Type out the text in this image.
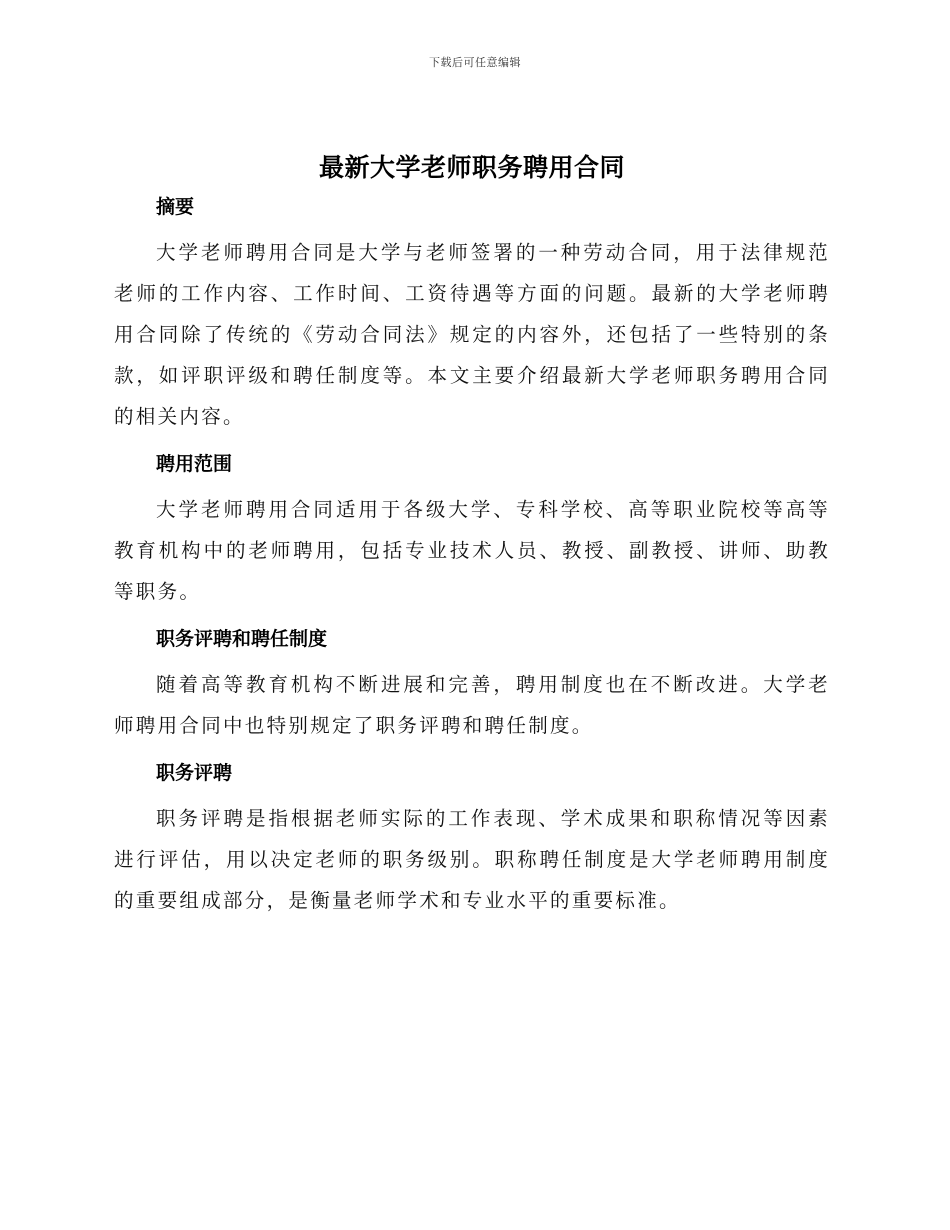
下载后可任意编辑
最新大学老师职务聘用合同
摘要

大学老师聘用合同是大学与老师签署的一种劳动合同，用于法律规范老师的工作内容、工作时间、工资待遇等方面的问题。最新的大学老师聘用合同除了传统的《劳动合同法》规定的内容外，还包括了一些特别的条款，如评职评级和聘任制度等。本文主要介绍最新大学老师职务聘用合同的相关内容。

聘用范围

大学老师聘用合同适用于各级大学、专科学校、高等职业院校等高等教育机构中的老师聘用，包括专业技术人员、教授、副教授、讲师、助教等职务。

职务评聘和聘任制度

随着高等教育机构不断进展和完善，聘用制度也在不断改进。大学老师聘用合同中也特别规定了职务评聘和聘任制度。

职务评聘

职务评聘是指根据老师实际的工作表现、学术成果和职称情况等因素进行评估，用以决定老师的职务级别。职称聘任制度是大学老师聘用制度的重要组成部分，是衡量老师学术和专业水平的重要标准。
